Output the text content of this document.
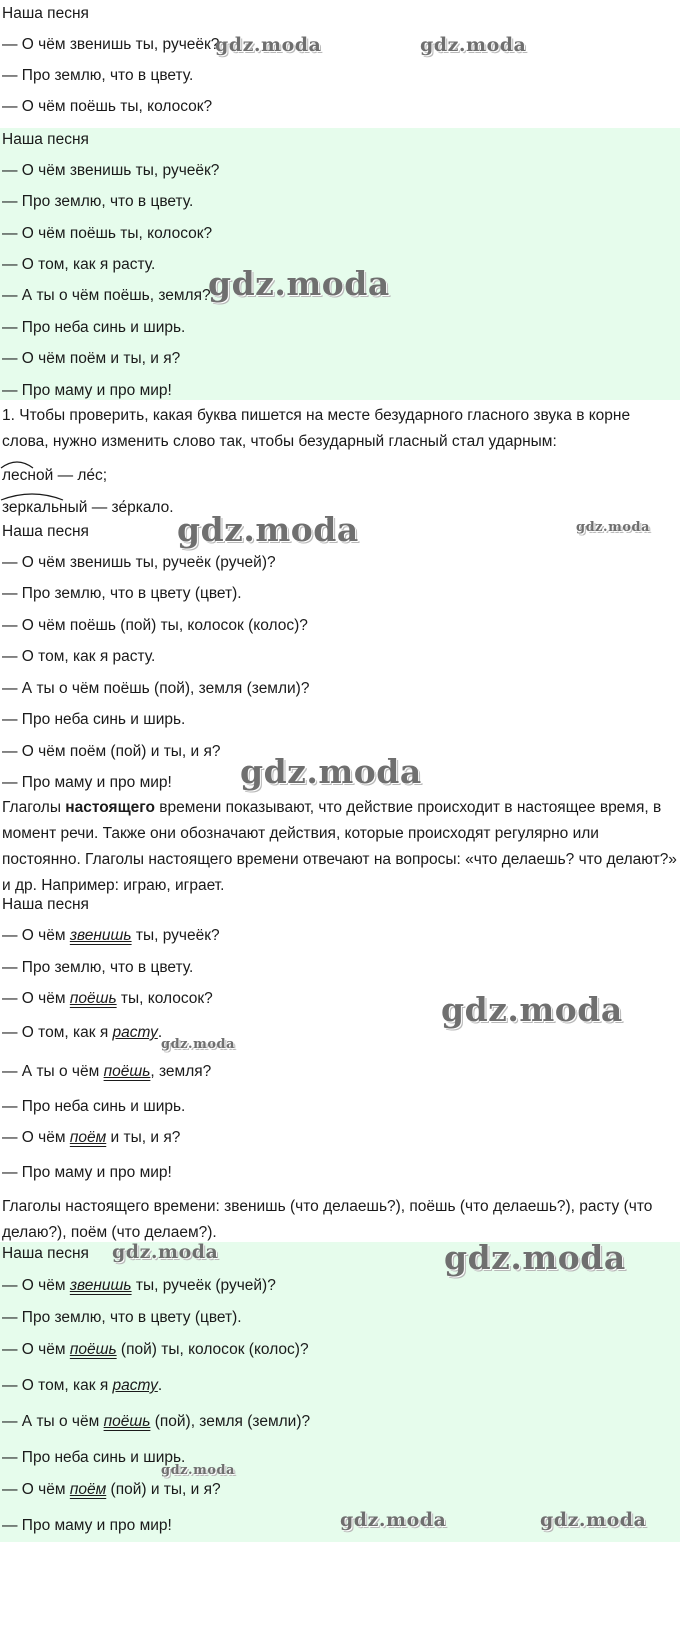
Наша песня
— О чём звенишь ты, ручеёк?
— Про землю, что в цвету.
— О чём поёшь ты, колосок?
Наша песня
— О чём звенишь ты, ручеёк?
— Про землю, что в цвету.
— О чём поёшь ты, колосок?
— О том, как я расту.
— А ты о чём поёшь, земля?
— Про неба синь и ширь.
— О чём поём и ты, и я?
— Про маму и про мир!
1. Чтобы проверить, какая буква пишется на месте безударного гласного звука в корне слова, нужно изменить слово так, чтобы безударный гласный стал ударным:
лесной — ле́с;
зеркальный — зе́ркало.
Наша песня
— О чём звенишь ты, ручеёк (ручей)?
— Про землю, что в цвету (цвет).
— О чём поёшь (пой) ты, колосок (колос)?
— О том, как я расту.
— А ты о чём поёшь (пой), земля (земли)?
— Про неба синь и ширь.
— О чём поём (пой) и ты, и я?
— Про маму и про мир!
Глаголы настоящего времени показывают, что действие происходит в настоящее время, в момент речи. Также они обозначают действия, которые происходят регулярно или постоянно. Глаголы настоящего времени отвечают на вопросы: «что делаешь? что делают?» и др. Например: играю, играет.
Наша песня
— О чём звенишь ты, ручеёк?
— Про землю, что в цвету.
— О чём поёшь ты, колосок?
— О том, как я расту.
— А ты о чём поёшь, земля?
— Про неба синь и ширь.
— О чём поём и ты, и я?
— Про маму и про мир!
Глаголы настоящего времени: звенишь (что делаешь?), поёшь (что делаешь?), расту (что делаю?), поём (что делаем?).
Наша песня
— О чём звенишь ты, ручеёк (ручей)?
— Про землю, что в цвету (цвет).
— О чём поёшь (пой) ты, колосок (колос)?
— О том, как я расту.
— А ты о чём поёшь (пой), земля (земли)?
— Про неба синь и ширь.
— О чём поём (пой) и ты, и я?
— Про маму и про мир!
gdz.moda	gdz.moda
gdz.moda
gdz.moda	gdz.moda
gdz.moda
gdz.moda
gdz.moda
gdz.moda	gdz.moda
gdz.moda
gdz.moda	gdz.moda
